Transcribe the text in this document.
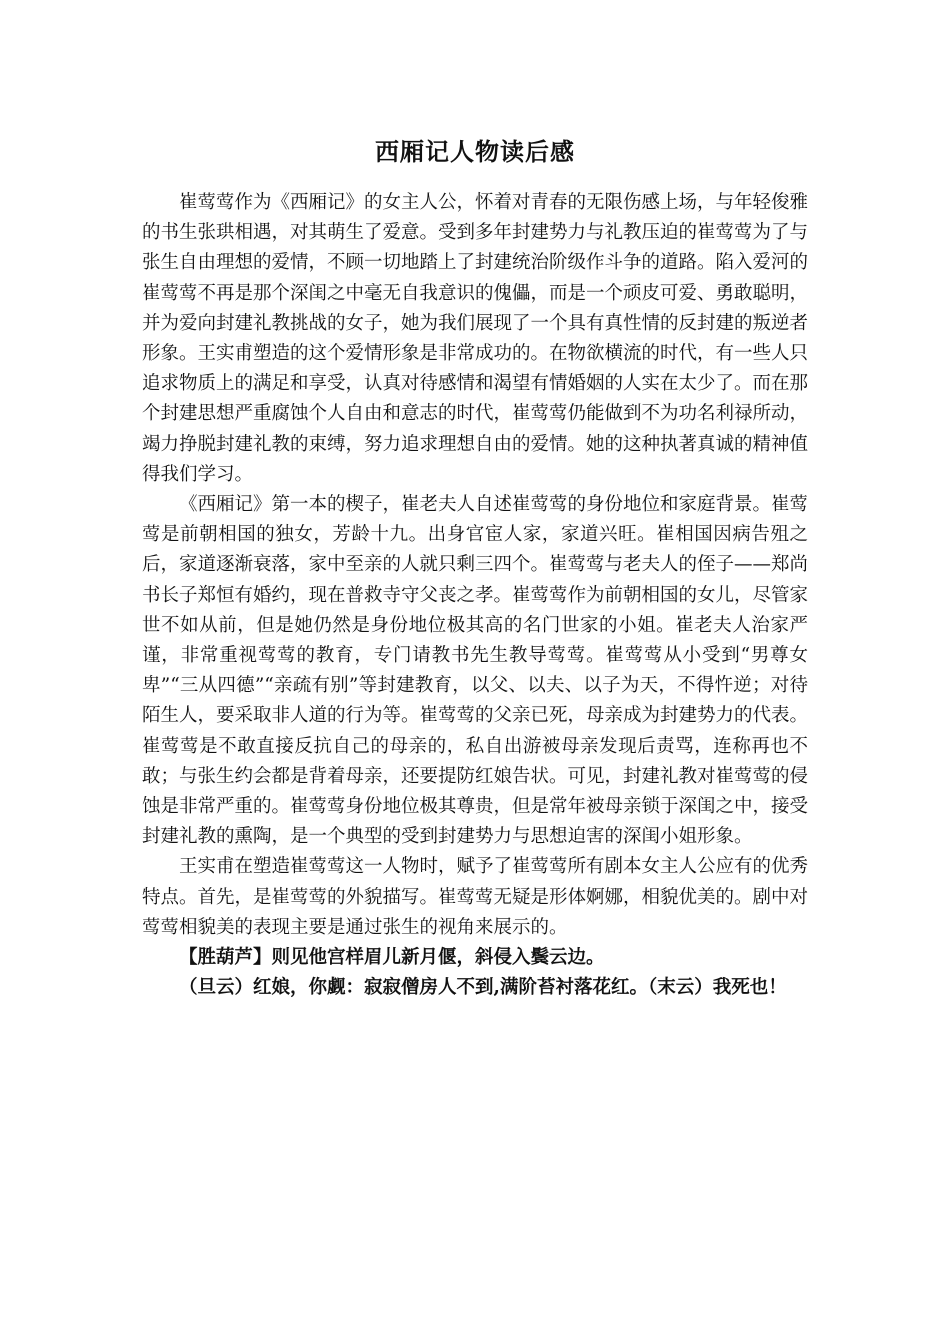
西厢记人物读后感

崔莺莺作为《西厢记》的女主人公，怀着对青春的无限伤感上场，与年轻俊雅的书生张珙相遇，对其萌生了爱意。受到多年封建势力与礼教压迫的崔莺莺为了与张生自由理想的爱情，不顾一切地踏上了封建统治阶级作斗争的道路。陷入爱河的崔莺莺不再是那个深闺之中毫无自我意识的傀儡，而是一个顽皮可爱、勇敢聪明，并为爱向封建礼教挑战的女子，她为我们展现了一个具有真性情的反封建的叛逆者形象。王实甫塑造的这个爱情形象是非常成功的。在物欲横流的时代，有一些人只追求物质上的满足和享受，认真对待感情和渴望有情婚姻的人实在太少了。而在那个封建思想严重腐蚀个人自由和意志的时代，崔莺莺仍能做到不为功名利禄所动，竭力挣脱封建礼教的束缚，努力追求理想自由的爱情。她的这种执著真诚的精神值得我们学习。

《西厢记》第一本的楔子，崔老夫人自述崔莺莺的身份地位和家庭背景。崔莺莺是前朝相国的独女，芳龄十九。出身官宦人家，家道兴旺。崔相国因病告殂之后，家道逐渐衰落，家中至亲的人就只剩三四个。崔莺莺与老夫人的侄子——郑尚书长子郑恒有婚约，现在普救寺守父丧之孝。崔莺莺作为前朝相国的女儿，尽管家世不如从前，但是她仍然是身份地位极其高的名门世家的小姐。崔老夫人治家严谨，非常重视莺莺的教育，专门请教书先生教导莺莺。崔莺莺从小受到“男尊女卑”“三从四德”“亲疏有别”等封建教育，以父、以夫、以子为天，不得忤逆；对待陌生人，要采取非人道的行为等。崔莺莺的父亲已死，母亲成为封建势力的代表。崔莺莺是不敢直接反抗自己的母亲的，私自出游被母亲发现后责骂，连称再也不敢；与张生约会都是背着母亲，还要提防红娘告状。可见，封建礼教对崔莺莺的侵蚀是非常严重的。崔莺莺身份地位极其尊贵，但是常年被母亲锁于深闺之中，接受封建礼教的熏陶，是一个典型的受到封建势力与思想迫害的深闺小姐形象。

王实甫在塑造崔莺莺这一人物时，赋予了崔莺莺所有剧本女主人公应有的优秀特点。首先，是崔莺莺的外貌描写。崔莺莺无疑是形体婀娜，相貌优美的。剧中对莺莺相貌美的表现主要是通过张生的视角来展示的。

【胜葫芦】则见他宫样眉儿新月偃，斜侵入鬓云边。

（旦云）红娘，你觑：寂寂僧房人不到,满阶苔衬落花红。（末云）我死也！
